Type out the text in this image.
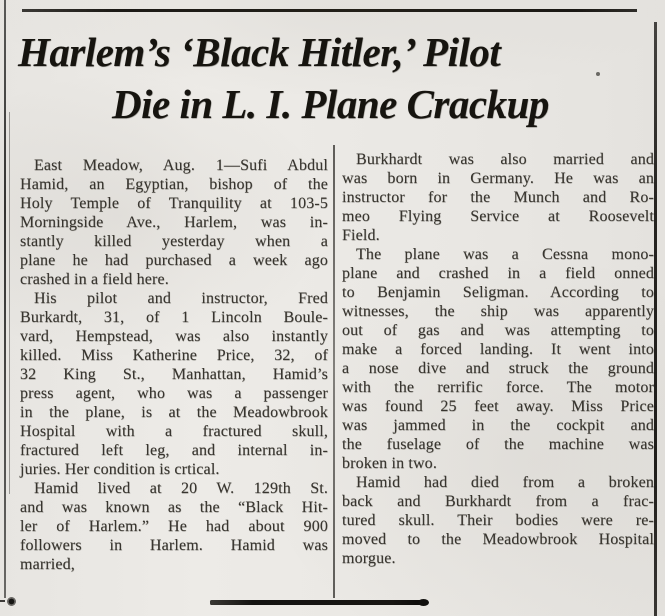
Harlem’s ‘Black Hitler,’ Pilot
Die in L. I. Plane Crackup
East Meadow, Aug. 1—Sufi Abdul
Hamid, an Egyptian, bishop of the
Holy Temple of Tranquility at 103-5
Morningside Ave., Harlem, was in-
stantly killed yesterday when a
plane he had purchased a week ago
crashed in a field here.
His pilot and instructor, Fred
Burkardt, 31, of 1 Lincoln Boule-
vard, Hempstead, was also instantly
killed. Miss Katherine Price, 32, of
32 King St., Manhattan, Hamid’s
press agent, who was a passenger
in the plane, is at the Meadowbrook
Hospital with a fractured skull,
fractured left leg, and internal in-
juries. Her condition is crtical.
Hamid lived at 20 W. 129th St.
and was known as the “Black Hit-
ler of Harlem.” He had about 900
followers in Harlem. Hamid was
married,
Burkhardt was also married and
was born in Germany. He was an
instructor for the Munch and Ro-
meo Flying Service at Roosevelt
Field.
The plane was a Cessna mono-
plane and crashed in a field onned
to Benjamin Seligman. According to
witnesses, the ship was apparently
out of gas and was attempting to
make a forced landing. It went into
a nose dive and struck the ground
with the rerrific force. The motor
was found 25 feet away. Miss Price
was jammed in the cockpit and
the fuselage of the machine was
broken in two.
Hamid had died from a broken
back and Burkhardt from a frac-
tured skull. Their bodies were re-
moved to the Meadowbrook Hospital
morgue.
